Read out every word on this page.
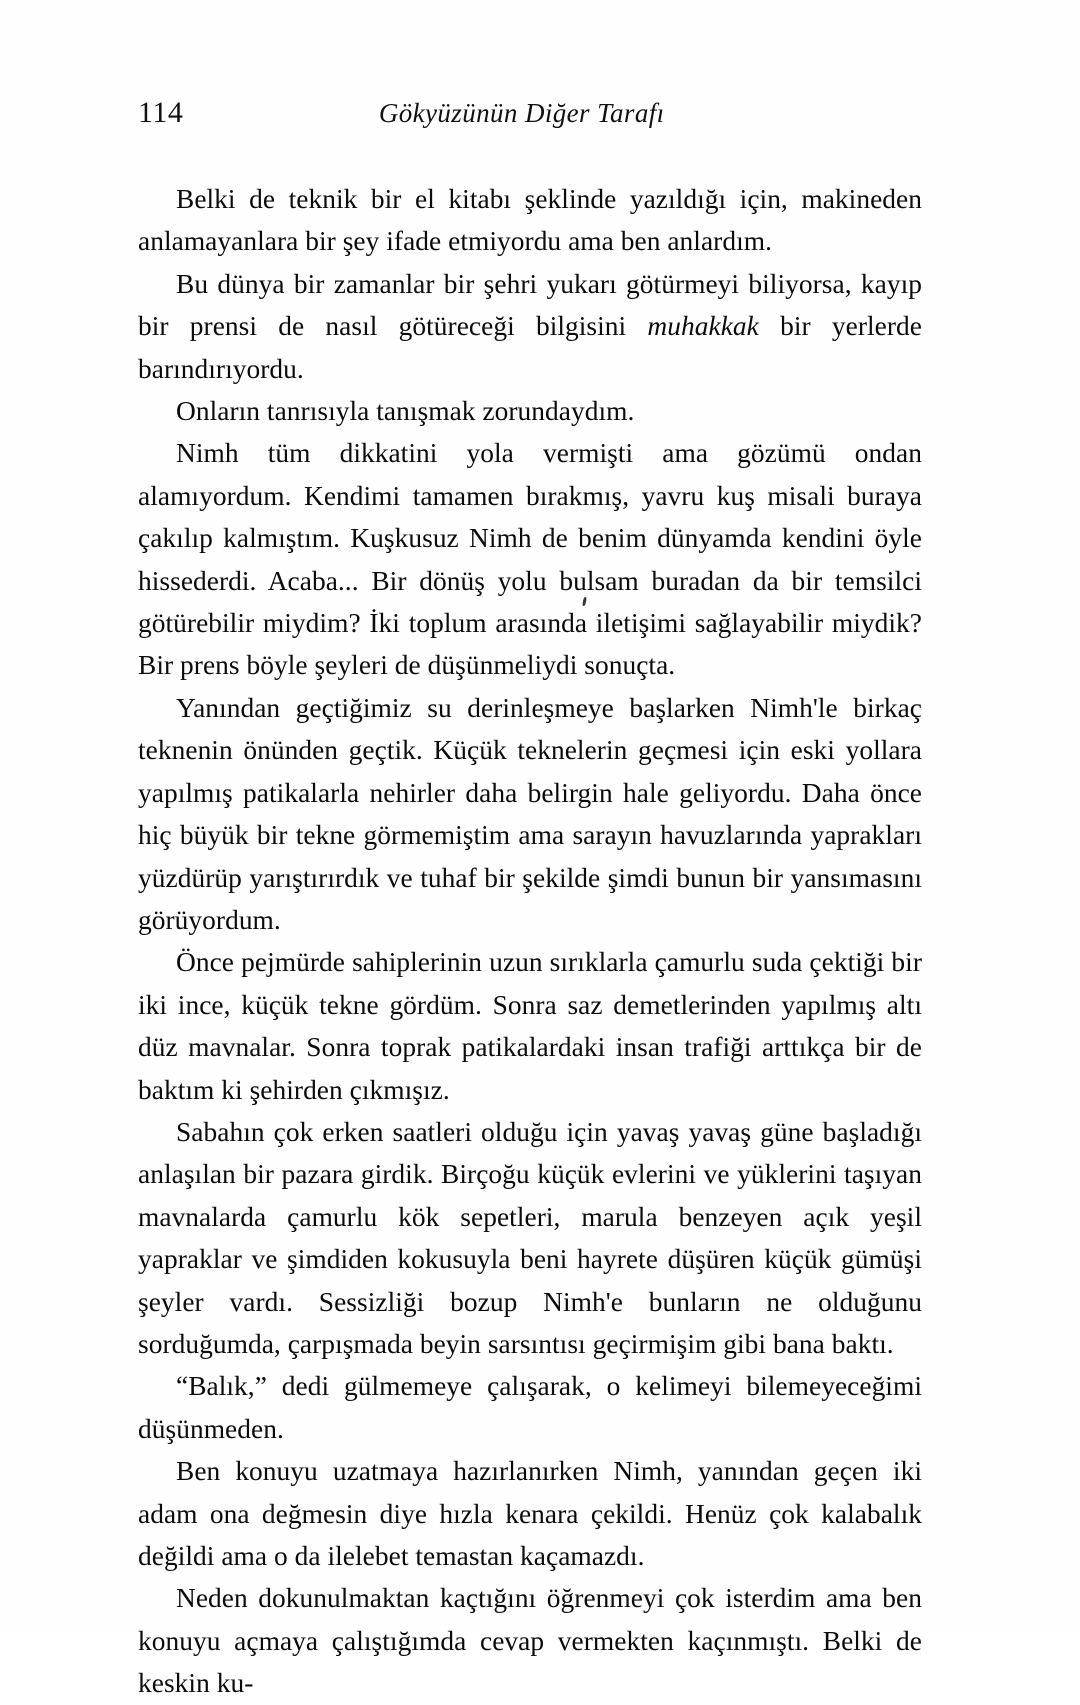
114	Gökyüzünün Diğer Tarafı

Belki de teknik bir el kitabı şeklinde yazıldığı için, makineden anlamayanlara bir şey ifade etmiyordu ama ben anlardım.

Bu dünya bir zamanlar bir şehri yukarı götürmeyi biliyorsa, kayıp bir prensi de nasıl götüreceği bilgisini muhakkak bir yerlerde barındırıyordu.

Onların tanrısıyla tanışmak zorundaydım.

Nimh tüm dikkatini yola vermişti ama gözümü ondan alamıyordum. Kendimi tamamen bırakmış, yavru kuş misali buraya çakılıp kalmıştım. Kuşkusuz Nimh de benim dünyamda kendini öyle hissederdi. Acaba... Bir dönüş yolu bulsam buradan da bir temsilci götürebilir miydim? İki toplum arasında iletişimi sağlayabilir miydik? Bir prens böyle şeyleri de düşünmeliydi sonuçta.

Yanından geçtiğimiz su derinleşmeye başlarken Nimh'le birkaç teknenin önünden geçtik. Küçük teknelerin geçmesi için eski yollara yapılmış patikalarla nehirler daha belirgin hale geliyordu. Daha önce hiç büyük bir tekne görmemiştim ama sarayın havuzlarında yaprakları yüzdürüp yarıştırırdık ve tuhaf bir şekilde şimdi bunun bir yansımasını görüyordum.

Önce pejmürde sahiplerinin uzun sırıklarla çamurlu suda çektiği bir iki ince, küçük tekne gördüm. Sonra saz demetlerinden yapılmış altı düz mavnalar. Sonra toprak patikalardaki insan trafiği arttıkça bir de baktım ki şehirden çıkmışız.

Sabahın çok erken saatleri olduğu için yavaş yavaş güne başladığı anlaşılan bir pazara girdik. Birçoğu küçük evlerini ve yüklerini taşıyan mavnalarda çamurlu kök sepetleri, marula benzeyen açık yeşil yapraklar ve şimdiden kokusuyla beni hayrete düşüren küçük gümüşi şeyler vardı. Sessizliği bozup Nimh'e bunların ne olduğunu sorduğumda, çarpışmada beyin sarsıntısı geçirmişim gibi bana baktı.

“Balık,” dedi gülmemeye çalışarak, o kelimeyi bilemeyeceğimi düşünmeden.

Ben konuyu uzatmaya hazırlanırken Nimh, yanından geçen iki adam ona değmesin diye hızla kenara çekildi. Henüz çok kalabalık değildi ama o da ilelebet temastan kaçamazdı.

Neden dokunulmaktan kaçtığını öğrenmeyi çok isterdim ama ben konuyu açmaya çalıştığımda cevap vermekten kaçınmıştı. Belki de keskin ku-
